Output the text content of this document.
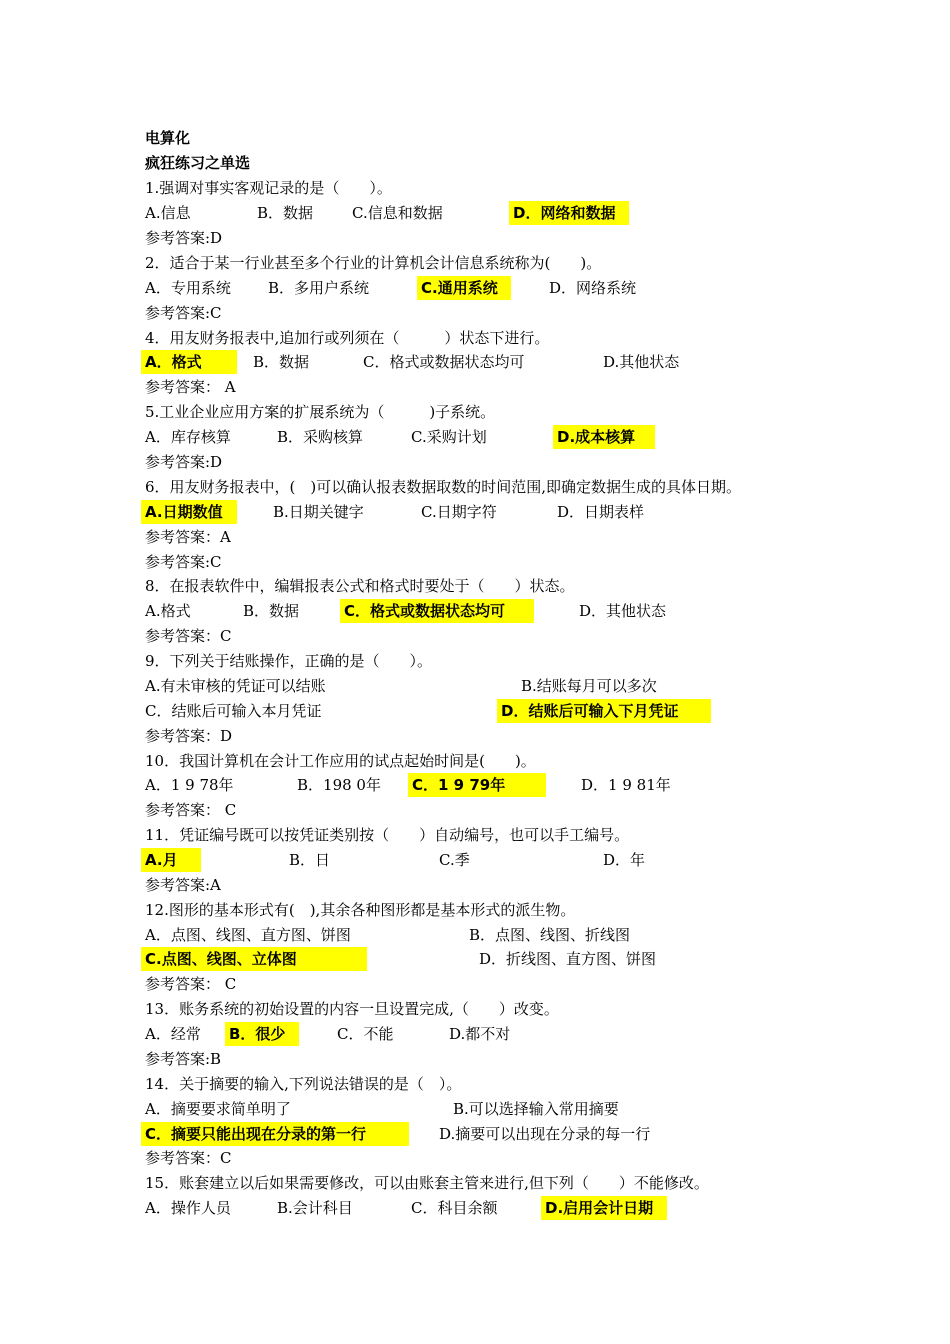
电算化
疯狂练习之单选
1.强调对事实客观记录的是（　　）。
A.信息	B．数据	C.信息和数据	D．网络和数据
参考答案:D
2．适合于某一行业甚至多个行业的计算机会计信息系统称为(　　)。
A．专用系统 B．多用户系统	C.通用系统	D．网络系统
参考答案:C
4．用友财务报表中,追加行或列须在（　　　）状态下进行。
A．格式	B．数据	C．格式或数据状态均可	D.其他状态
参考答案： A
5.工业企业应用方案的扩展系统为（　　　)子系统。
A．库存核算	B．采购核算	C.采购计划	D.成本核算
参考答案:D
6．用友财务报表中，(　)可以确认报表数据取数的时间范围,即确定数据生成的具体日期。
A.日期数值	B.日期关键字	C.日期字符	D．日期表样
参考答案：A
参考答案:C
8．在报表软件中，编辑报表公式和格式时要处于（　　）状态。
A.格式	B．数据	C．格式或数据状态均可	D．其他状态
参考答案：C
9．下列关于结账操作，正确的是（　　）。
A.有未审核的凭证可以结账	B.结账每月可以多次
C．结账后可输入本月凭证	D．结账后可输入下月凭证
参考答案：D
10．我国计算机在会计工作应用的试点起始时间是(　　)。
A．1 9 78年	B．198 0年 C．1 9 79年	D．1 9 81年
参考答案： C
11．凭证编号既可以按凭证类别按（　　）自动编号，也可以手工编号。
A.月	B．日	C.季	D．年
参考答案:A
12.图形的基本形式有(　),其余各种图形都是基本形式的派生物。
A．点图、线图、直方图、饼图	B．点图、线图、折线图
C.点图、线图、立体图	D．折线图、直方图、饼图
参考答案： C
13．账务系统的初始设置的内容一旦设置完成,（　　）改变。
A．经常 B．很少	C．不能	D.都不对
参考答案:B
14．关于摘要的输入,下列说法错误的是（　）。
A．摘要要求简单明了	B.可以选择输入常用摘要
C．摘要只能出现在分录的第一行	D.摘要可以出现在分录的每一行
参考答案：C
15．账套建立以后如果需要修改，可以由账套主管来进行,但下列（　　）不能修改。
A．操作人员	B.会计科目	C．科目余额	D.启用会计日期
